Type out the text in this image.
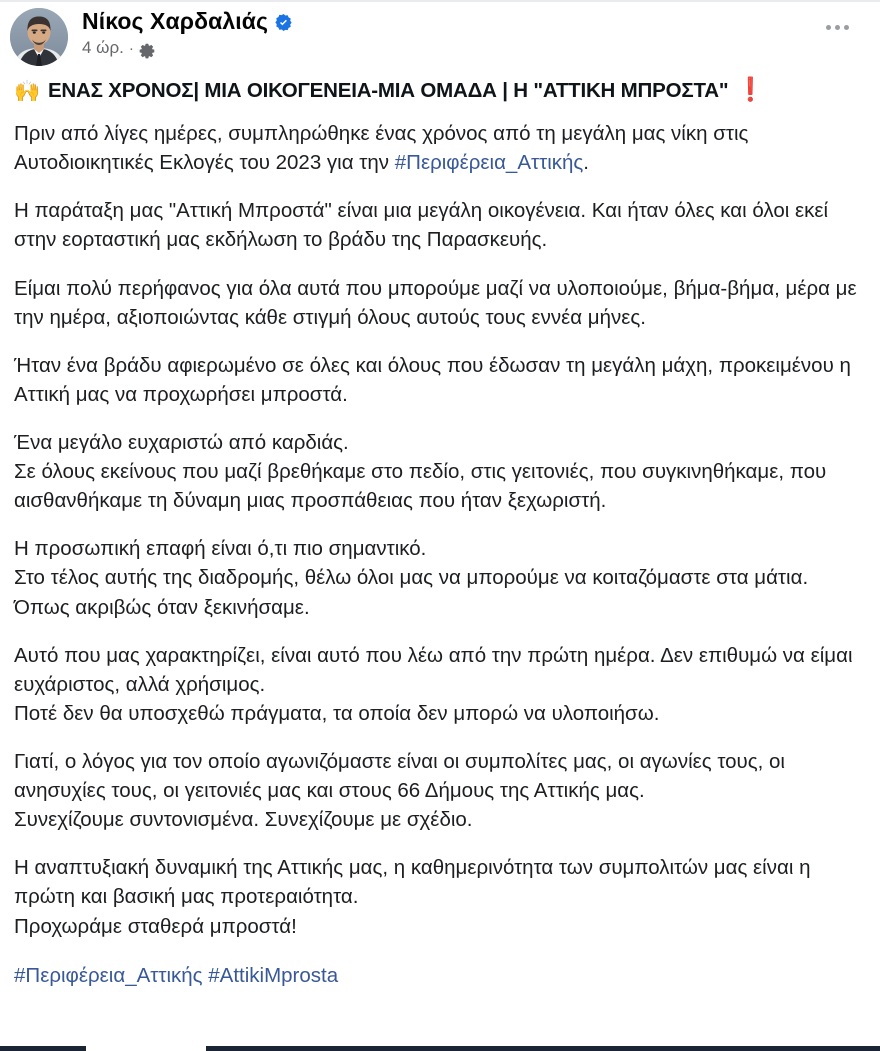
Νίκος Χαρδαλιάς
4 ώρ. ·
🙌 ΕΝΑΣ ΧΡΟΝΟΣ| ΜΙΑ ΟΙΚΟΓΕΝΕΙΑ-ΜΙΑ ΟΜΑΔΑ | Η "ΑΤΤΙΚΗ ΜΠΡΟΣΤΑ" ❗

Πριν από λίγες ημέρες, συμπληρώθηκε ένας χρόνος από τη μεγάλη μας νίκη στις Αυτοδιοικητικές Εκλογές του 2023 για την #Περιφέρεια_Αττικής.

Η παράταξη μας "Αττική Μπροστά" είναι μια μεγάλη οικογένεια. Και ήταν όλες και όλοι εκεί στην εορταστική μας εκδήλωση το βράδυ της Παρασκευής.

Είμαι πολύ περήφανος για όλα αυτά που μπορούμε μαζί να υλοποιούμε, βήμα-βήμα, μέρα με την ημέρα, αξιοποιώντας κάθε στιγμή όλους αυτούς τους εννέα μήνες.

Ήταν ένα βράδυ αφιερωμένο σε όλες και όλους που έδωσαν τη μεγάλη μάχη, προκειμένου η Αττική μας να προχωρήσει μπροστά.

Ένα μεγάλο ευχαριστώ από καρδιάς.
Σε όλους εκείνους που μαζί βρεθήκαμε στο πεδίο, στις γειτονιές, που συγκινηθήκαμε, που αισθανθήκαμε τη δύναμη μιας προσπάθειας που ήταν ξεχωριστή.

Η προσωπική επαφή είναι ό,τι πιο σημαντικό.
Στο τέλος αυτής της διαδρομής, θέλω όλοι μας να μπορούμε να κοιταζόμαστε στα μάτια.
Όπως ακριβώς όταν ξεκινήσαμε.

Αυτό που μας χαρακτηρίζει, είναι αυτό που λέω από την πρώτη ημέρα. Δεν επιθυμώ να είμαι ευχάριστος, αλλά χρήσιμος.
Ποτέ δεν θα υποσχεθώ πράγματα, τα οποία δεν μπορώ να υλοποιήσω.

Γιατί, ο λόγος για τον οποίο αγωνιζόμαστε είναι οι συμπολίτες μας, οι αγωνίες τους, οι ανησυχίες τους, οι γειτονιές μας και στους 66 Δήμους της Αττικής μας.
Συνεχίζουμε συντονισμένα. Συνεχίζουμε με σχέδιο.

Η αναπτυξιακή δυναμική της Αττικής μας, η καθημερινότητα των συμπολιτών μας είναι η πρώτη και βασική μας προτεραιότητα.
Προχωράμε σταθερά μπροστά!

#Περιφέρεια_Αττικής #AttikiMprosta
